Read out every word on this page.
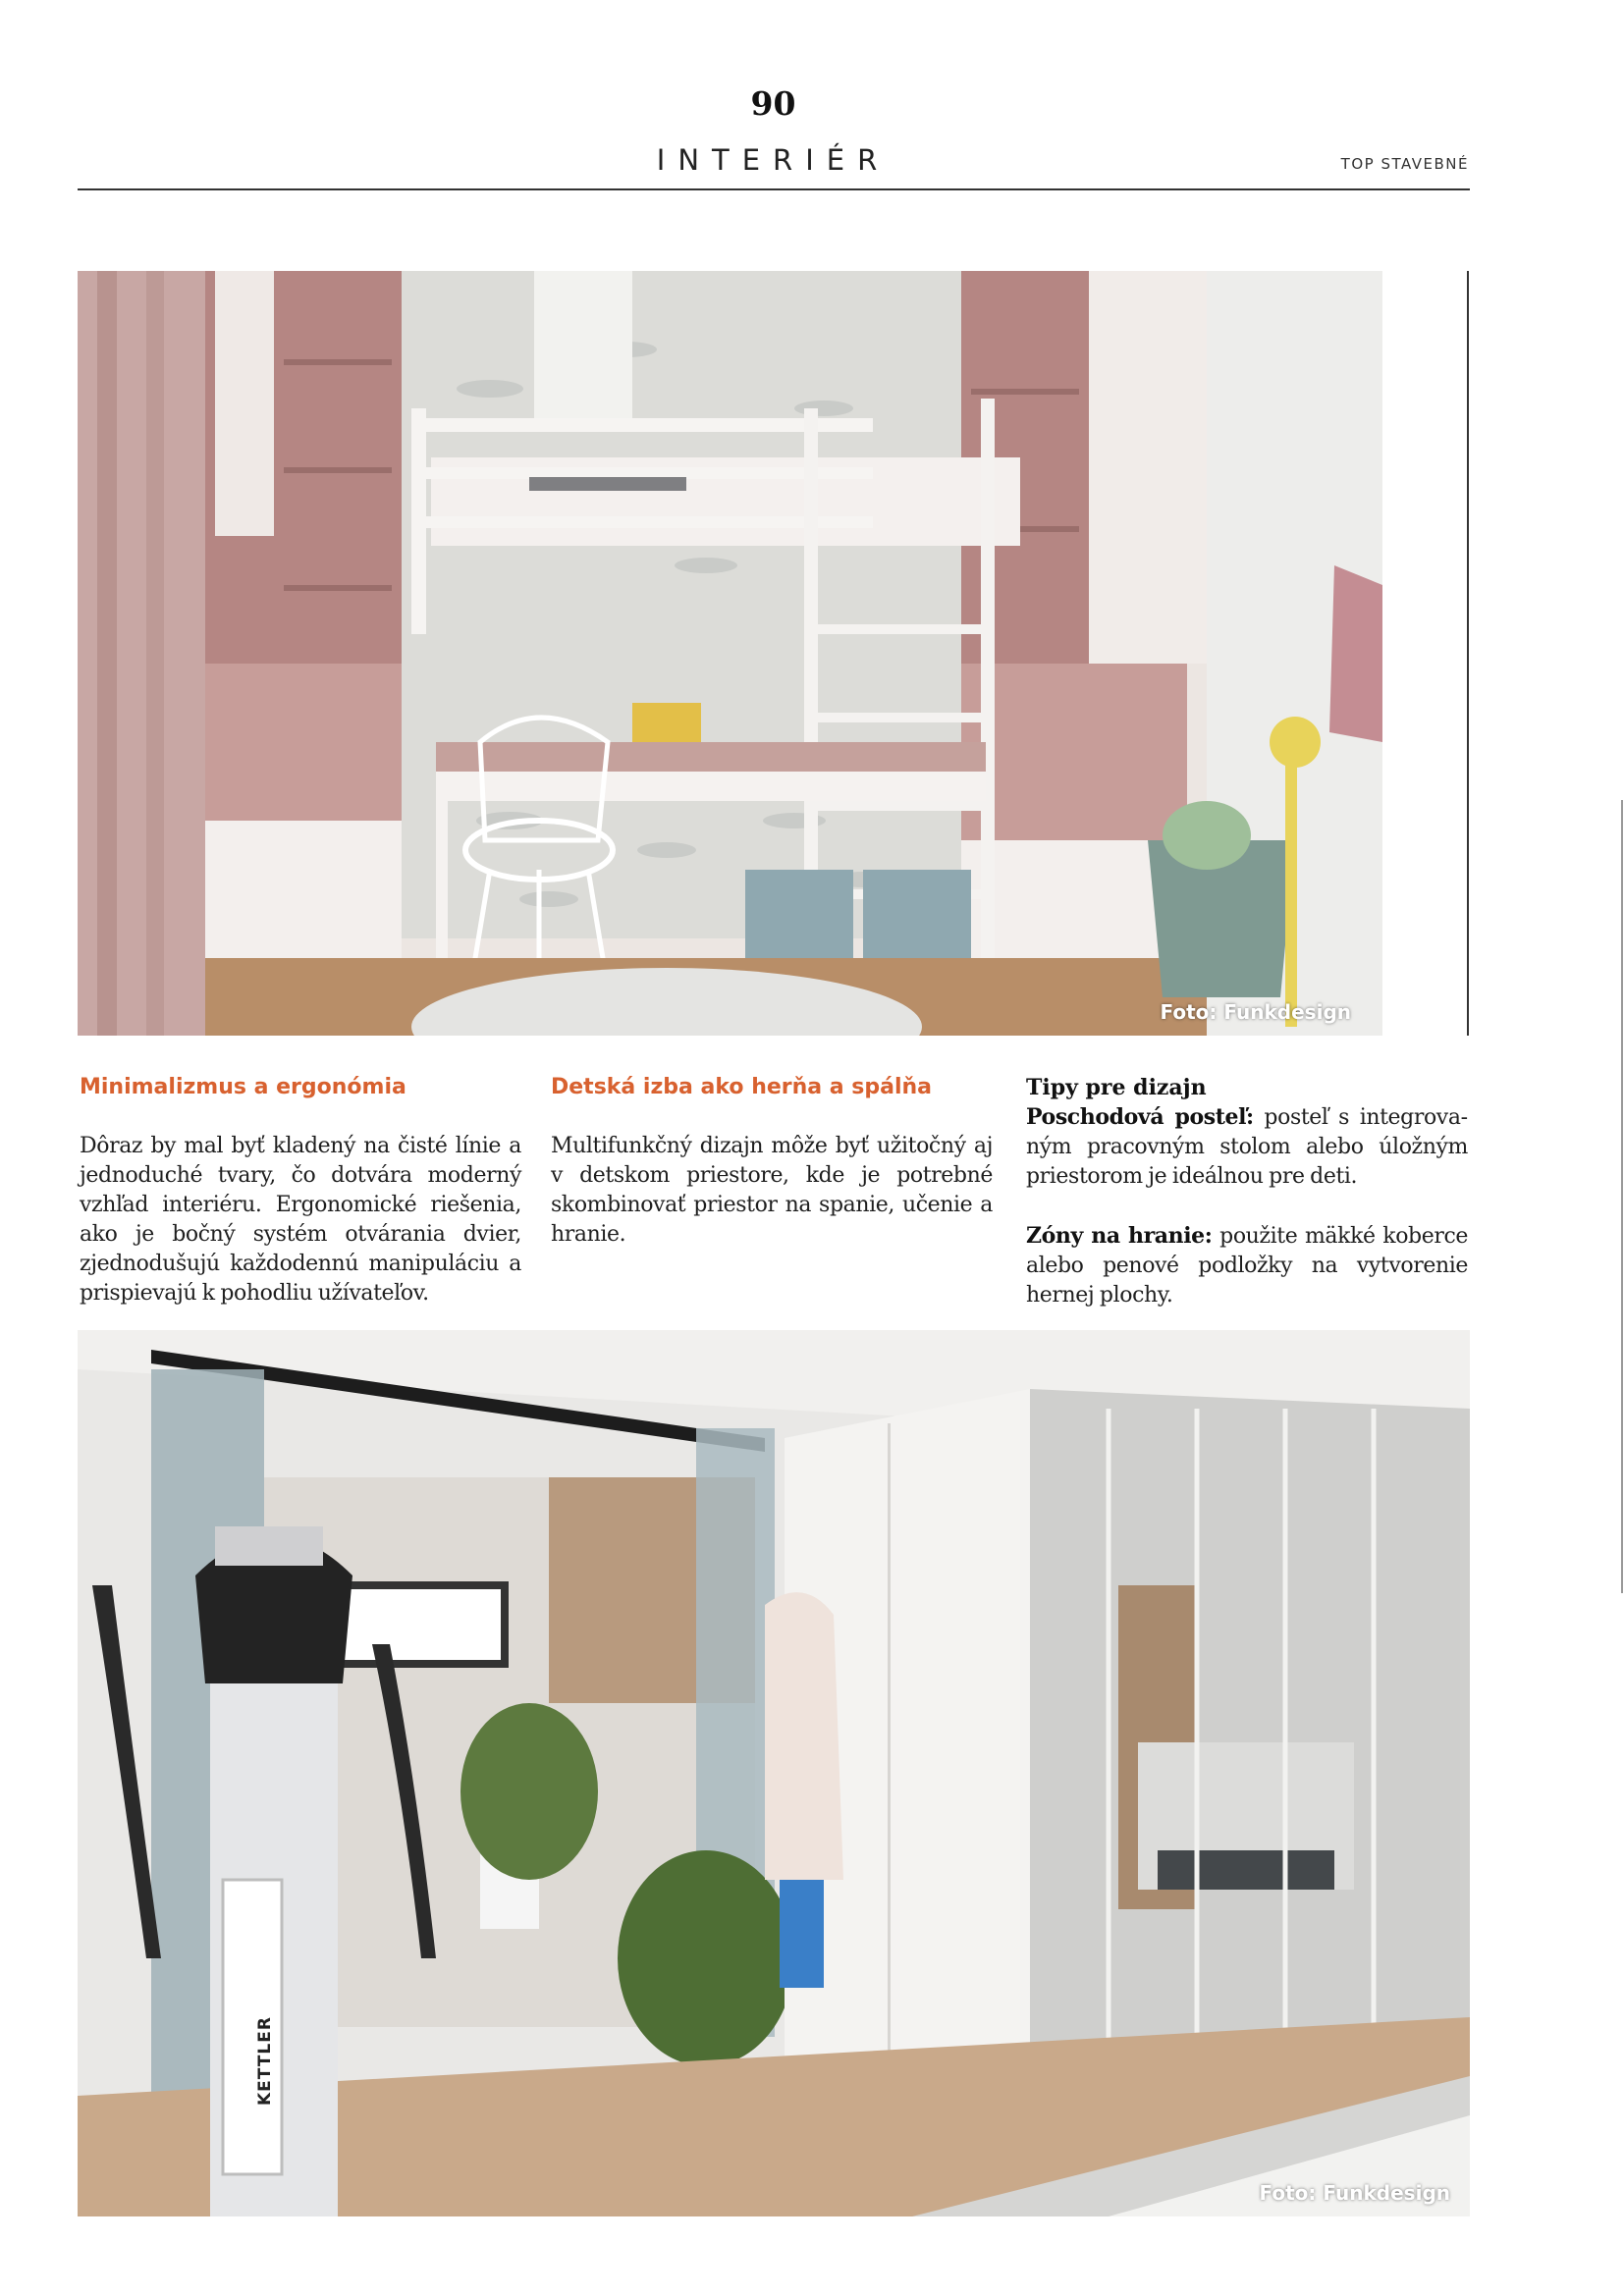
90
INTERIÉR	TOP STAVEBNÉ
Foto: Funkdesign
Minimalizmus a ergonómia

Dôraz by mal byť kladený na čisté línie a jednoduché tvary, čo dotvára moderný vzhľad interiéru. Ergonomické riešenia, ako je bočný systém otvárania dvier, zjednodušujú každodennú manipuláciu a prispievajú k pohodliu užívateľov.

Detská izba ako herňa a spálňa

Multifunkčný dizajn môže byť užitočný aj v detskom priestore, kde je potrebné skombinovať priestor na spanie, učenie a hranie.

Tipy pre dizajn

Poschodová posteľ: posteľ s integrovaným pracovným stolom alebo úložným priestorom je ideálnou pre deti.

Zóny na hranie: použite mäkké koberce alebo penové podložky na vytvorenie hernej plochy.

KETTLER
Foto: Funkdesign
